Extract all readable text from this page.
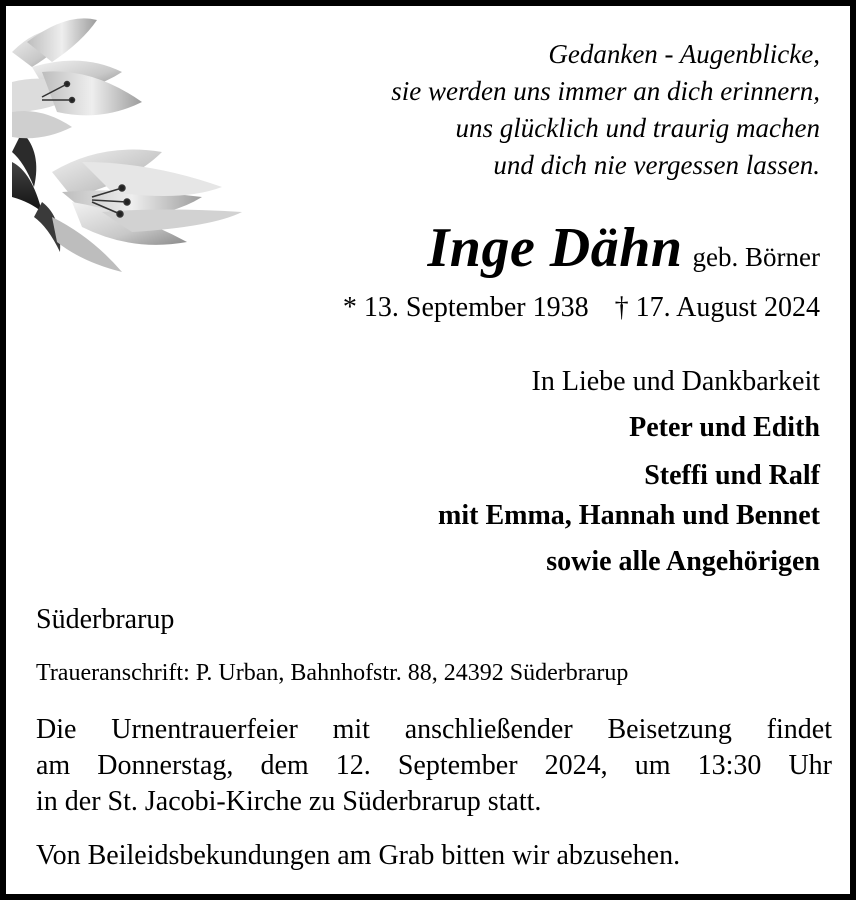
Gedanken - Augenblicke,
sie werden uns immer an dich erinnern,
uns glücklich und traurig machen
und dich nie vergessen lassen.
Inge Dähn geb. Börner
* 13. September 1938 † 17. August 2024
In Liebe und Dankbarkeit
Peter und Edith
Steffi und Ralf
mit Emma, Hannah und Bennet
sowie alle Angehörigen
Süderbrarup
Traueranschrift: P. Urban, Bahnhofstr. 88, 24392 Süderbrarup
Die Urnentrauerfeier mit anschließender Beisetzung findet
am Donnerstag, dem 12. September 2024, um 13:30 Uhr
in der St. Jacobi-Kirche zu Süderbrarup statt.
Von Beileidsbekundungen am Grab bitten wir abzusehen.
